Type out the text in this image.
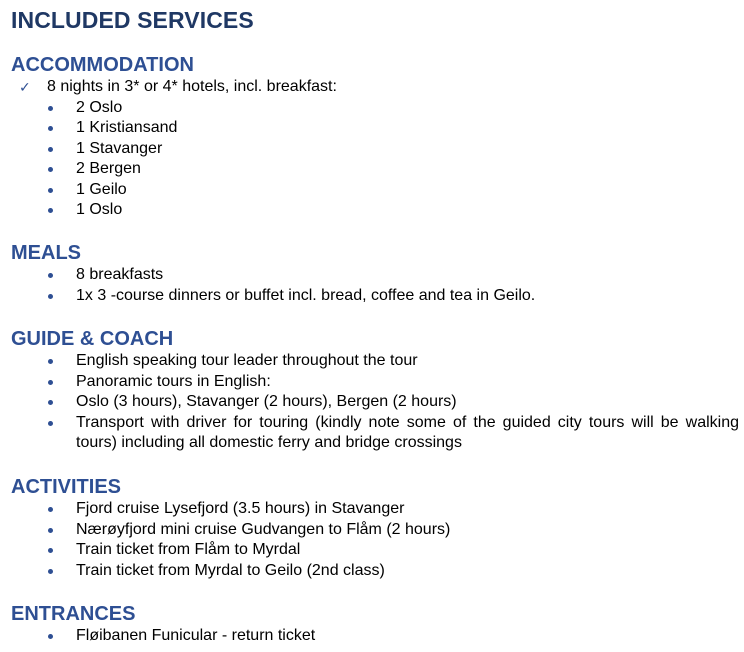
INCLUDED SERVICES
ACCOMMODATION
✓ 8 nights in 3* or 4* hotels, incl. breakfast:
2 Oslo
1 Kristiansand
1 Stavanger
2 Bergen
1 Geilo
1 Oslo
MEALS
8 breakfasts
1x 3 -course dinners or buffet incl. bread, coffee and tea in Geilo.
GUIDE & COACH
English speaking tour leader throughout the tour
Panoramic tours in English:
Oslo (3 hours), Stavanger (2 hours), Bergen (2 hours)
Transport with driver for touring (kindly note some of the guided city tours will be walking tours) including all domestic ferry and bridge crossings
ACTIVITIES
Fjord cruise Lysefjord (3.5 hours) in Stavanger
Nærøyfjord mini cruise Gudvangen to Flåm (2 hours)
Train ticket from Flåm to Myrdal
Train ticket from Myrdal to Geilo (2nd class)
ENTRANCES
Fløibanen Funicular - return ticket
